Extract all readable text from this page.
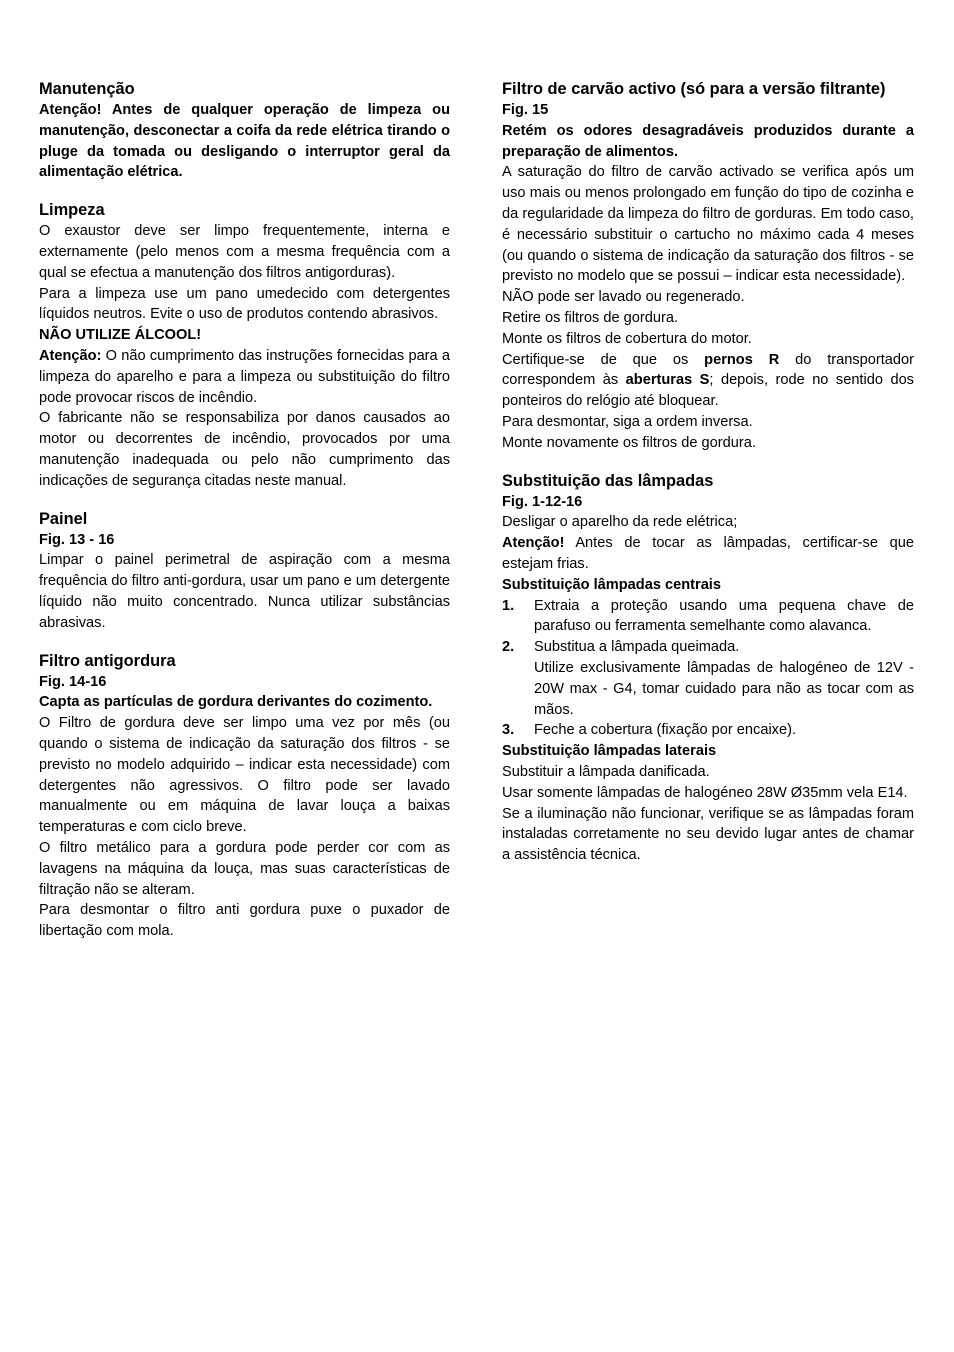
Manutenção

Atenção! Antes de qualquer operação de limpeza ou manutenção, desconectar a coifa da rede elétrica tirando o pluge da tomada ou desligando o interruptor geral da alimentação elétrica.

Limpeza

O exaustor deve ser limpo frequentemente, interna e externamente (pelo menos com a mesma frequência com a qual se efectua a manutenção dos filtros antigorduras).

Para a limpeza use um pano umedecido com detergentes líquidos neutros. Evite o uso de produtos contendo abrasivos.

NÃO UTILIZE ÁLCOOL!

Atenção: O não cumprimento das instruções fornecidas para a limpeza do aparelho e para a limpeza ou substituição do filtro pode provocar riscos de incêndio.

O fabricante não se responsabiliza por danos causados ao motor ou decorrentes de incêndio, provocados por uma manutenção inadequada ou pelo não cumprimento das indicações de segurança citadas neste manual.

Painel

Fig. 13 - 16

Limpar o painel perimetral de aspiração com a mesma frequência do filtro anti-gordura, usar um pano e um detergente líquido não muito concentrado. Nunca utilizar substâncias abrasivas.

Filtro antigordura

Fig. 14-16

Capta as partículas de gordura derivantes do cozimento.

O Filtro de gordura deve ser limpo uma vez por mês (ou quando o sistema de indicação da saturação dos filtros - se previsto no modelo adquirido – indicar esta necessidade) com detergentes não agressivos. O filtro pode ser lavado manualmente ou em máquina de lavar louça a baixas temperaturas e com ciclo breve.

O filtro metálico para a gordura pode perder cor com as lavagens na máquina da louça, mas suas características de filtração não se alteram.

Para desmontar o filtro anti gordura puxe o puxador de libertação com mola.

Filtro de carvão activo (só para a versão filtrante)

Fig. 15

Retém os odores desagradáveis produzidos durante a preparação de alimentos.

A saturação do filtro de carvão activado se verifica após um uso mais ou menos prolongado em função do tipo de cozinha e da regularidade da limpeza do filtro de gorduras. Em todo caso, é necessário substituir o cartucho no máximo cada 4 meses (ou quando o sistema de indicação da saturação dos filtros - se previsto no modelo que se possui – indicar esta necessidade).

NÃO pode ser lavado ou regenerado.

Retire os filtros de gordura.

Monte os filtros de cobertura do motor.

Certifique-se de que os pernos R do transportador correspondem às aberturas S; depois, rode no sentido dos ponteiros do relógio até bloquear.

Para desmontar, siga a ordem inversa.

Monte novamente os filtros de gordura.

Substituição das lâmpadas

Fig. 1-12-16

Desligar o aparelho da rede elétrica;

Atenção! Antes de tocar as lâmpadas, certificar-se que estejam frias.

Substituição lâmpadas centrais

1.	Extraia a proteção usando uma pequena chave de parafuso ou ferramenta semelhante como alavanca.
2.	Substitua a lâmpada queimada.
Utilize exclusivamente lâmpadas de halogéneo de 12V - 20W max - G4, tomar cuidado para não as tocar com as mãos.
3.	Feche a cobertura (fixação por encaixe).

Substituição lâmpadas laterais

Substituir a lâmpada danificada.

Usar somente lâmpadas de halogéneo 28W Ø35mm vela E14.

Se a iluminação não funcionar, verifique se as lâmpadas foram instaladas corretamente no seu devido lugar antes de chamar a assistência técnica.
